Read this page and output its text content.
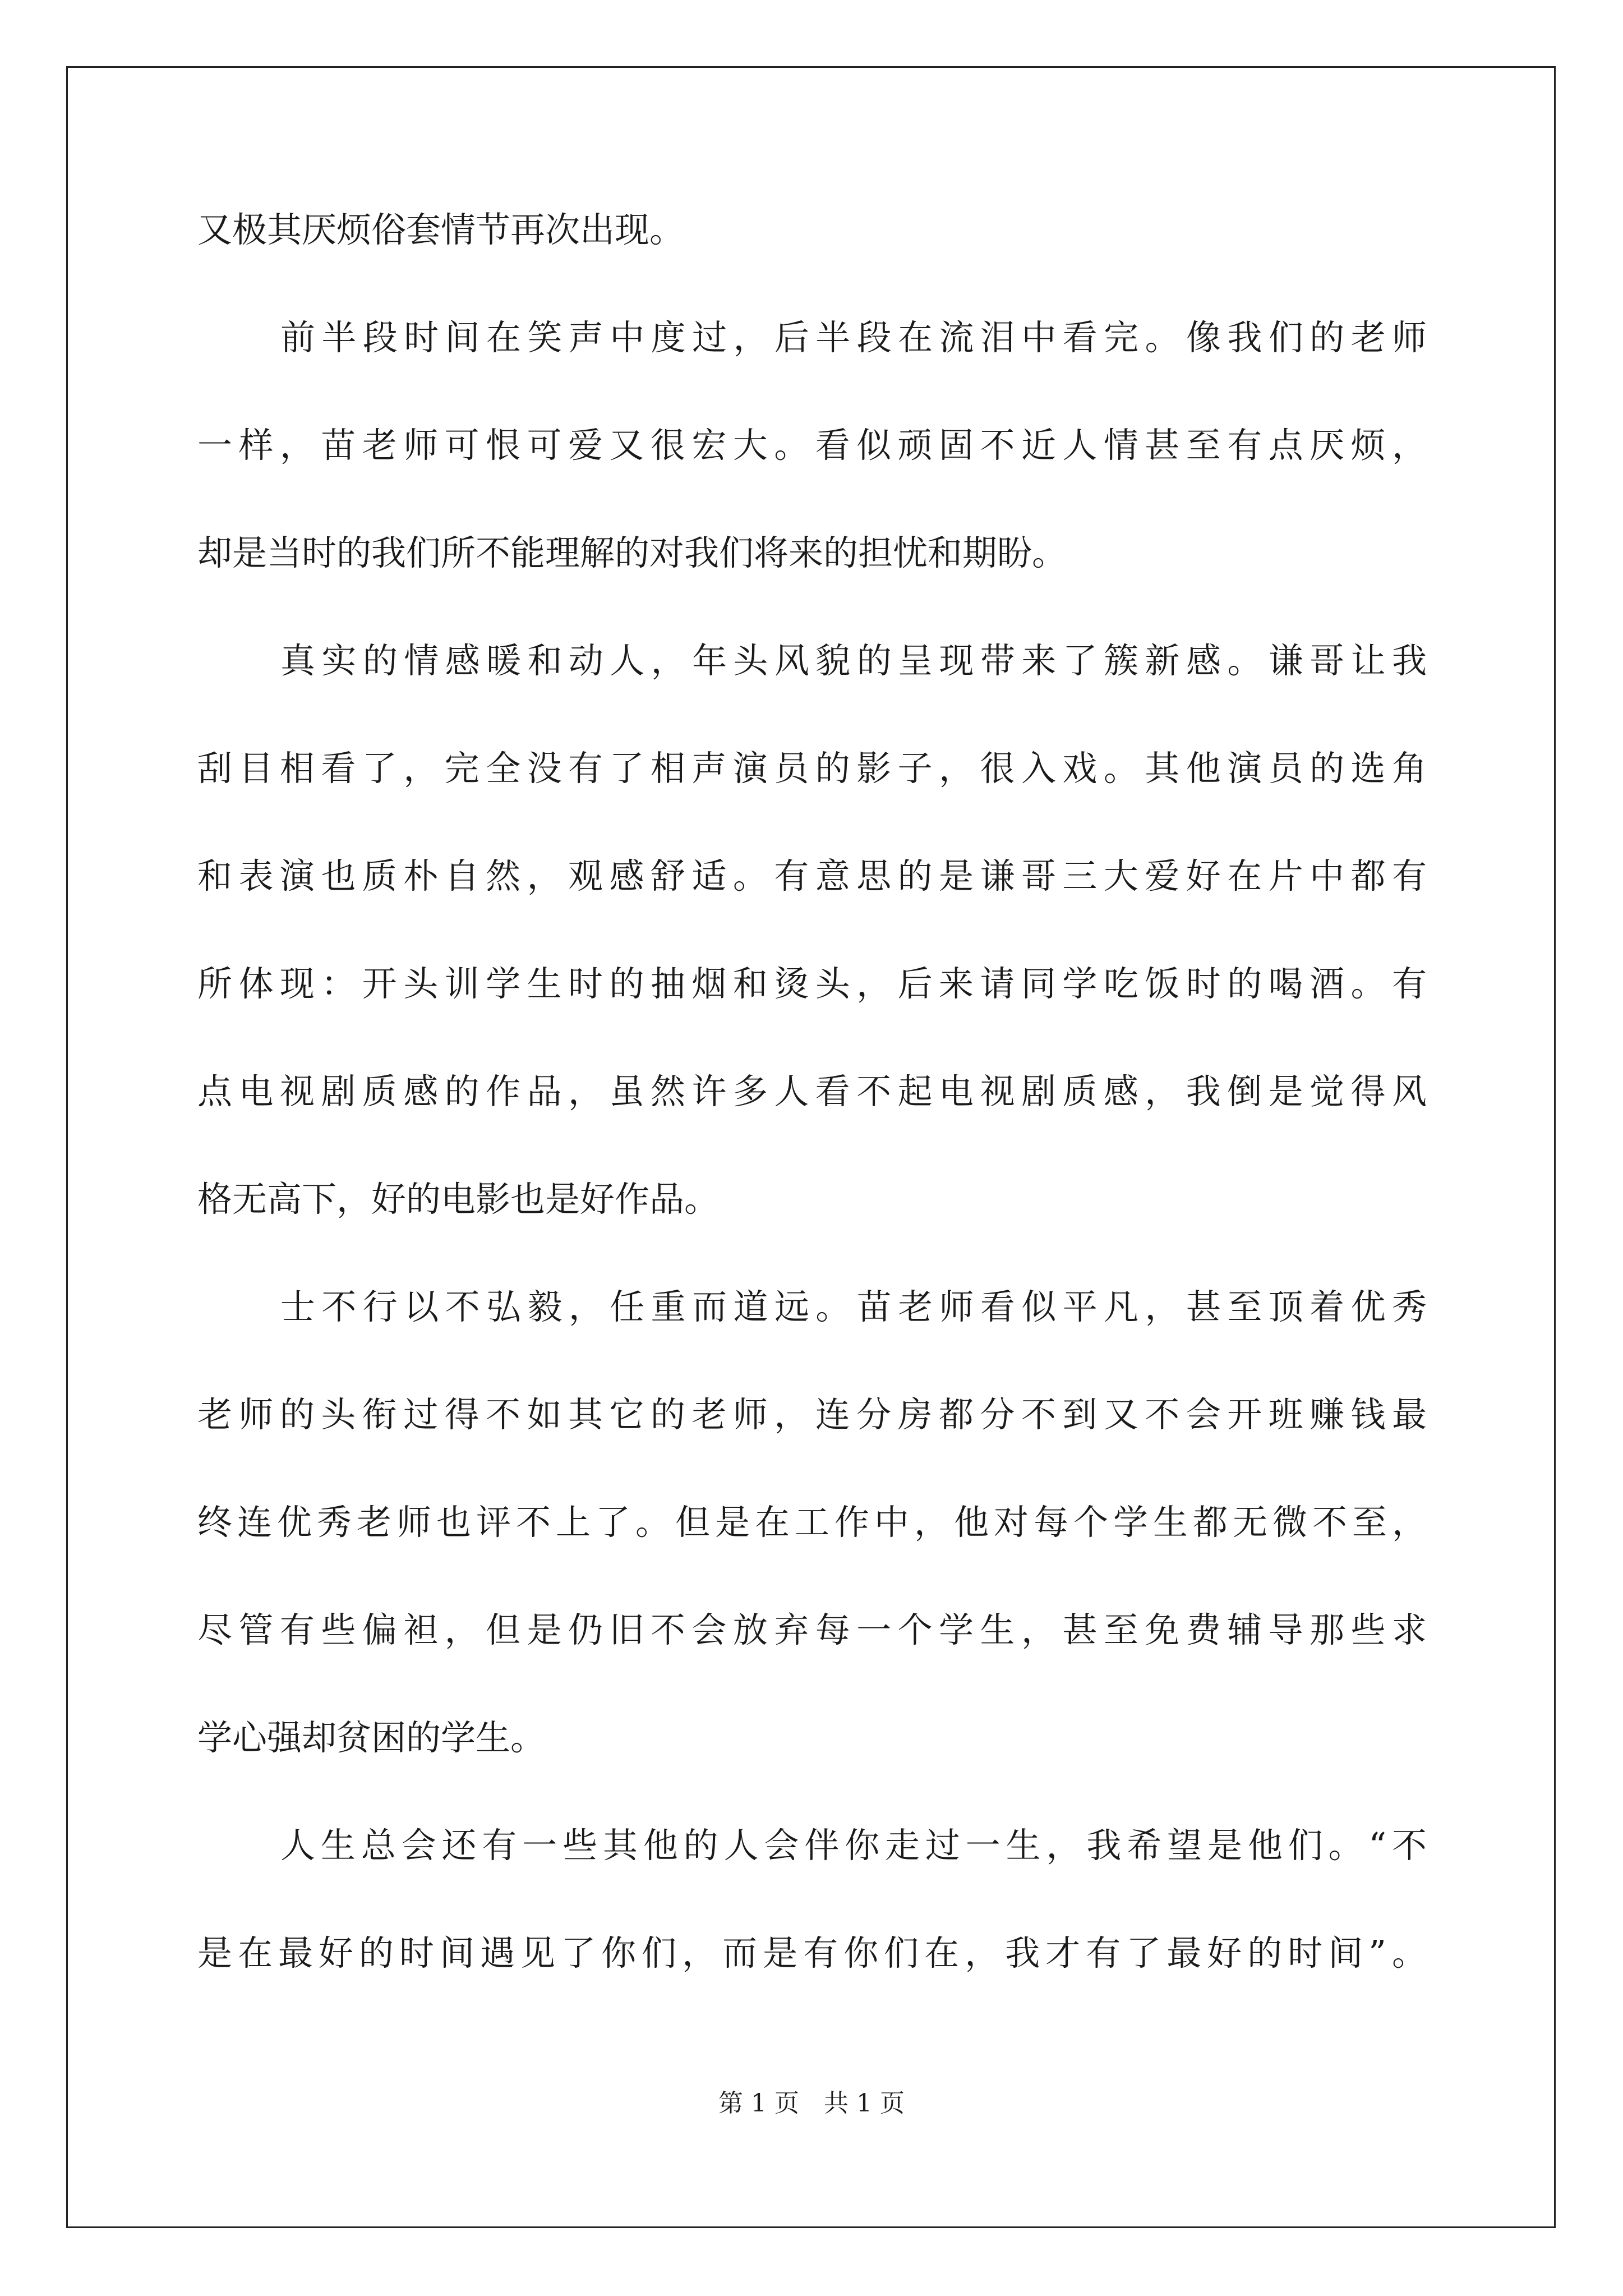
又极其厌烦俗套情节再次出现。
前半段时间在笑声中度过，后半段在流泪中看完。像我们的老师
一样，苗老师可恨可爱又很宏大。看似顽固不近人情甚至有点厌烦，
却是当时的我们所不能理解的对我们将来的担忧和期盼。
真实的情感暖和动人，年头风貌的呈现带来了簇新感。谦哥让我
刮目相看了，完全没有了相声演员的影子，很入戏。其他演员的选角
和表演也质朴自然，观感舒适。有意思的是谦哥三大爱好在片中都有
所体现：开头训学生时的抽烟和烫头，后来请同学吃饭时的喝酒。有
点电视剧质感的作品，虽然许多人看不起电视剧质感，我倒是觉得风
格无高下，好的电影也是好作品。
士不行以不弘毅，任重而道远。苗老师看似平凡，甚至顶着优秀
老师的头衔过得不如其它的老师，连分房都分不到又不会开班赚钱最
终连优秀老师也评不上了。但是在工作中，他对每个学生都无微不至，
尽管有些偏袒，但是仍旧不会放弃每一个学生，甚至免费辅导那些求
学心强却贫困的学生。
人生总会还有一些其他的人会伴你走过一生，我希望是他们。“不
是在最好的时间遇见了你们，而是有你们在，我才有了最好的时间”。
第 1 页　共 1 页
